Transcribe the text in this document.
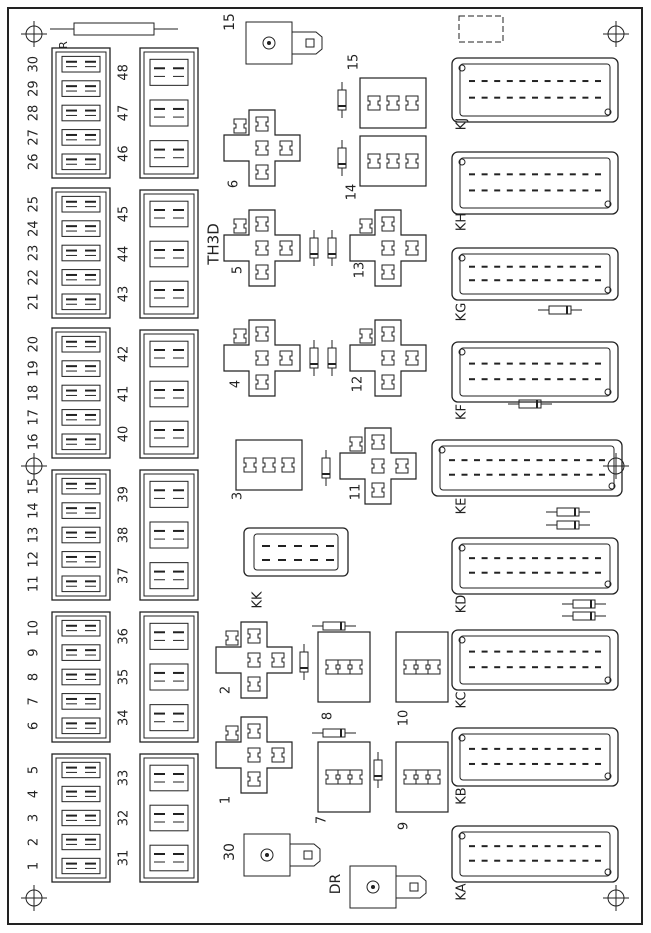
R
1
2
3
4
5
6
7
8
9
10
11
12
13
14
15
16
17
18
19
20
21
22
23
24
25
26
27
28
29
30
31
32
33
34
35
36
37
38
39
40
41
42
43
44
45
46
47
48
1
2
3
4
5
6
7
8
9
10
11
12
13
14
15
KA
KB
KC
KD
KE
KF
KG
KH
KJ
KK
15
30
DR
TH3D
